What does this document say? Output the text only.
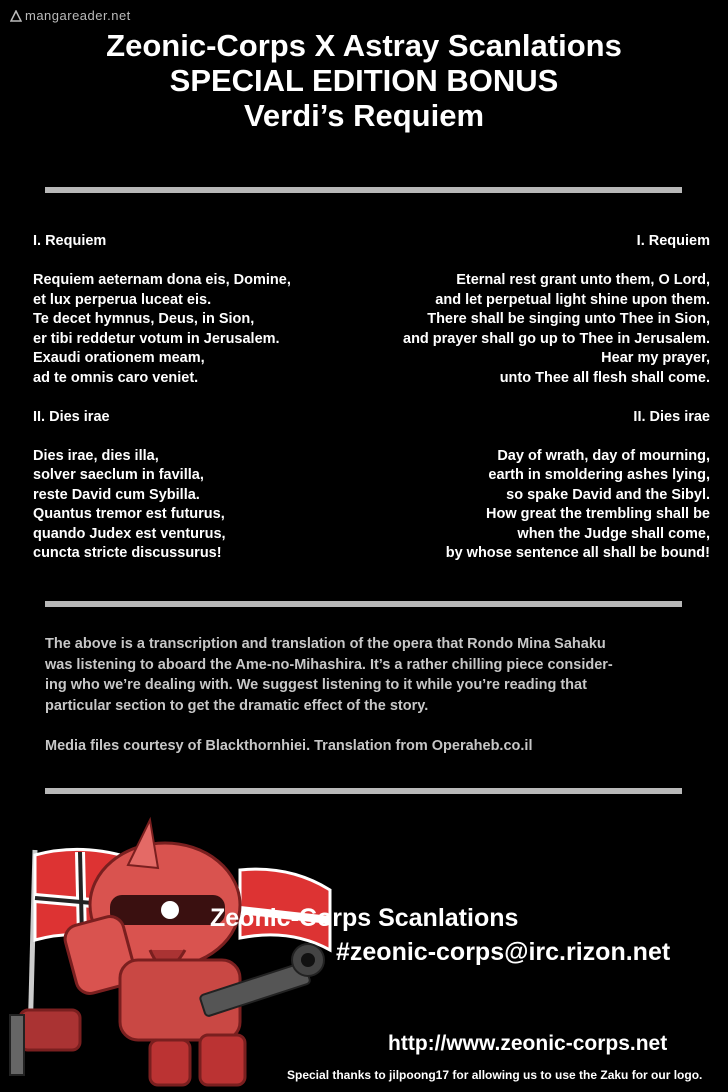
mangareader.net
Zeonic-Corps X Astray Scanlations
SPECIAL EDITION BONUS
Verdi’s Requiem
I. Requiem
Requiem aeternam dona eis, Domine,
et lux perperua luceat eis.
Te decet hymnus, Deus, in Sion,
er tibi reddetur votum in Jerusalem.
Exaudi orationem meam,
ad te omnis caro veniet.
II. Dies irae
Dies irae, dies illa,
solver saeclum in favilla,
reste David cum Sybilla.
Quantus tremor est futurus,
quando Judex est venturus,
cuncta stricte discussurus!
I. Requiem
Eternal rest grant unto them, O Lord,
and let perpetual light shine upon them.
There shall be singing unto Thee in Sion,
and prayer shall go up to Thee in Jerusalem.
Hear my prayer,
unto Thee all flesh shall come.
II. Dies irae
Day of wrath, day of mourning,
earth in smoldering ashes lying,
so spake David and the Sibyl.
How great the trembling shall be
when the Judge shall come,
by whose sentence all shall be bound!
The above is a transcription and translation of the opera that Rondo Mina Sahaku
was listening to aboard the Ame-no-Mihashira. It’s a rather chilling piece consider-
ing who we’re dealing with. We suggest listening to it while you’re reading that
particular section to get the dramatic effect of the story.
Media files courtesy of Blackthornhiei. Translation from Operaheb.co.il
Zeonic-Corps Scanlations
#zeonic-corps@irc.rizon.net
http://www.zeonic-corps.net
Special thanks to jilpoong17 for allowing us to use the Zaku for our logo.
